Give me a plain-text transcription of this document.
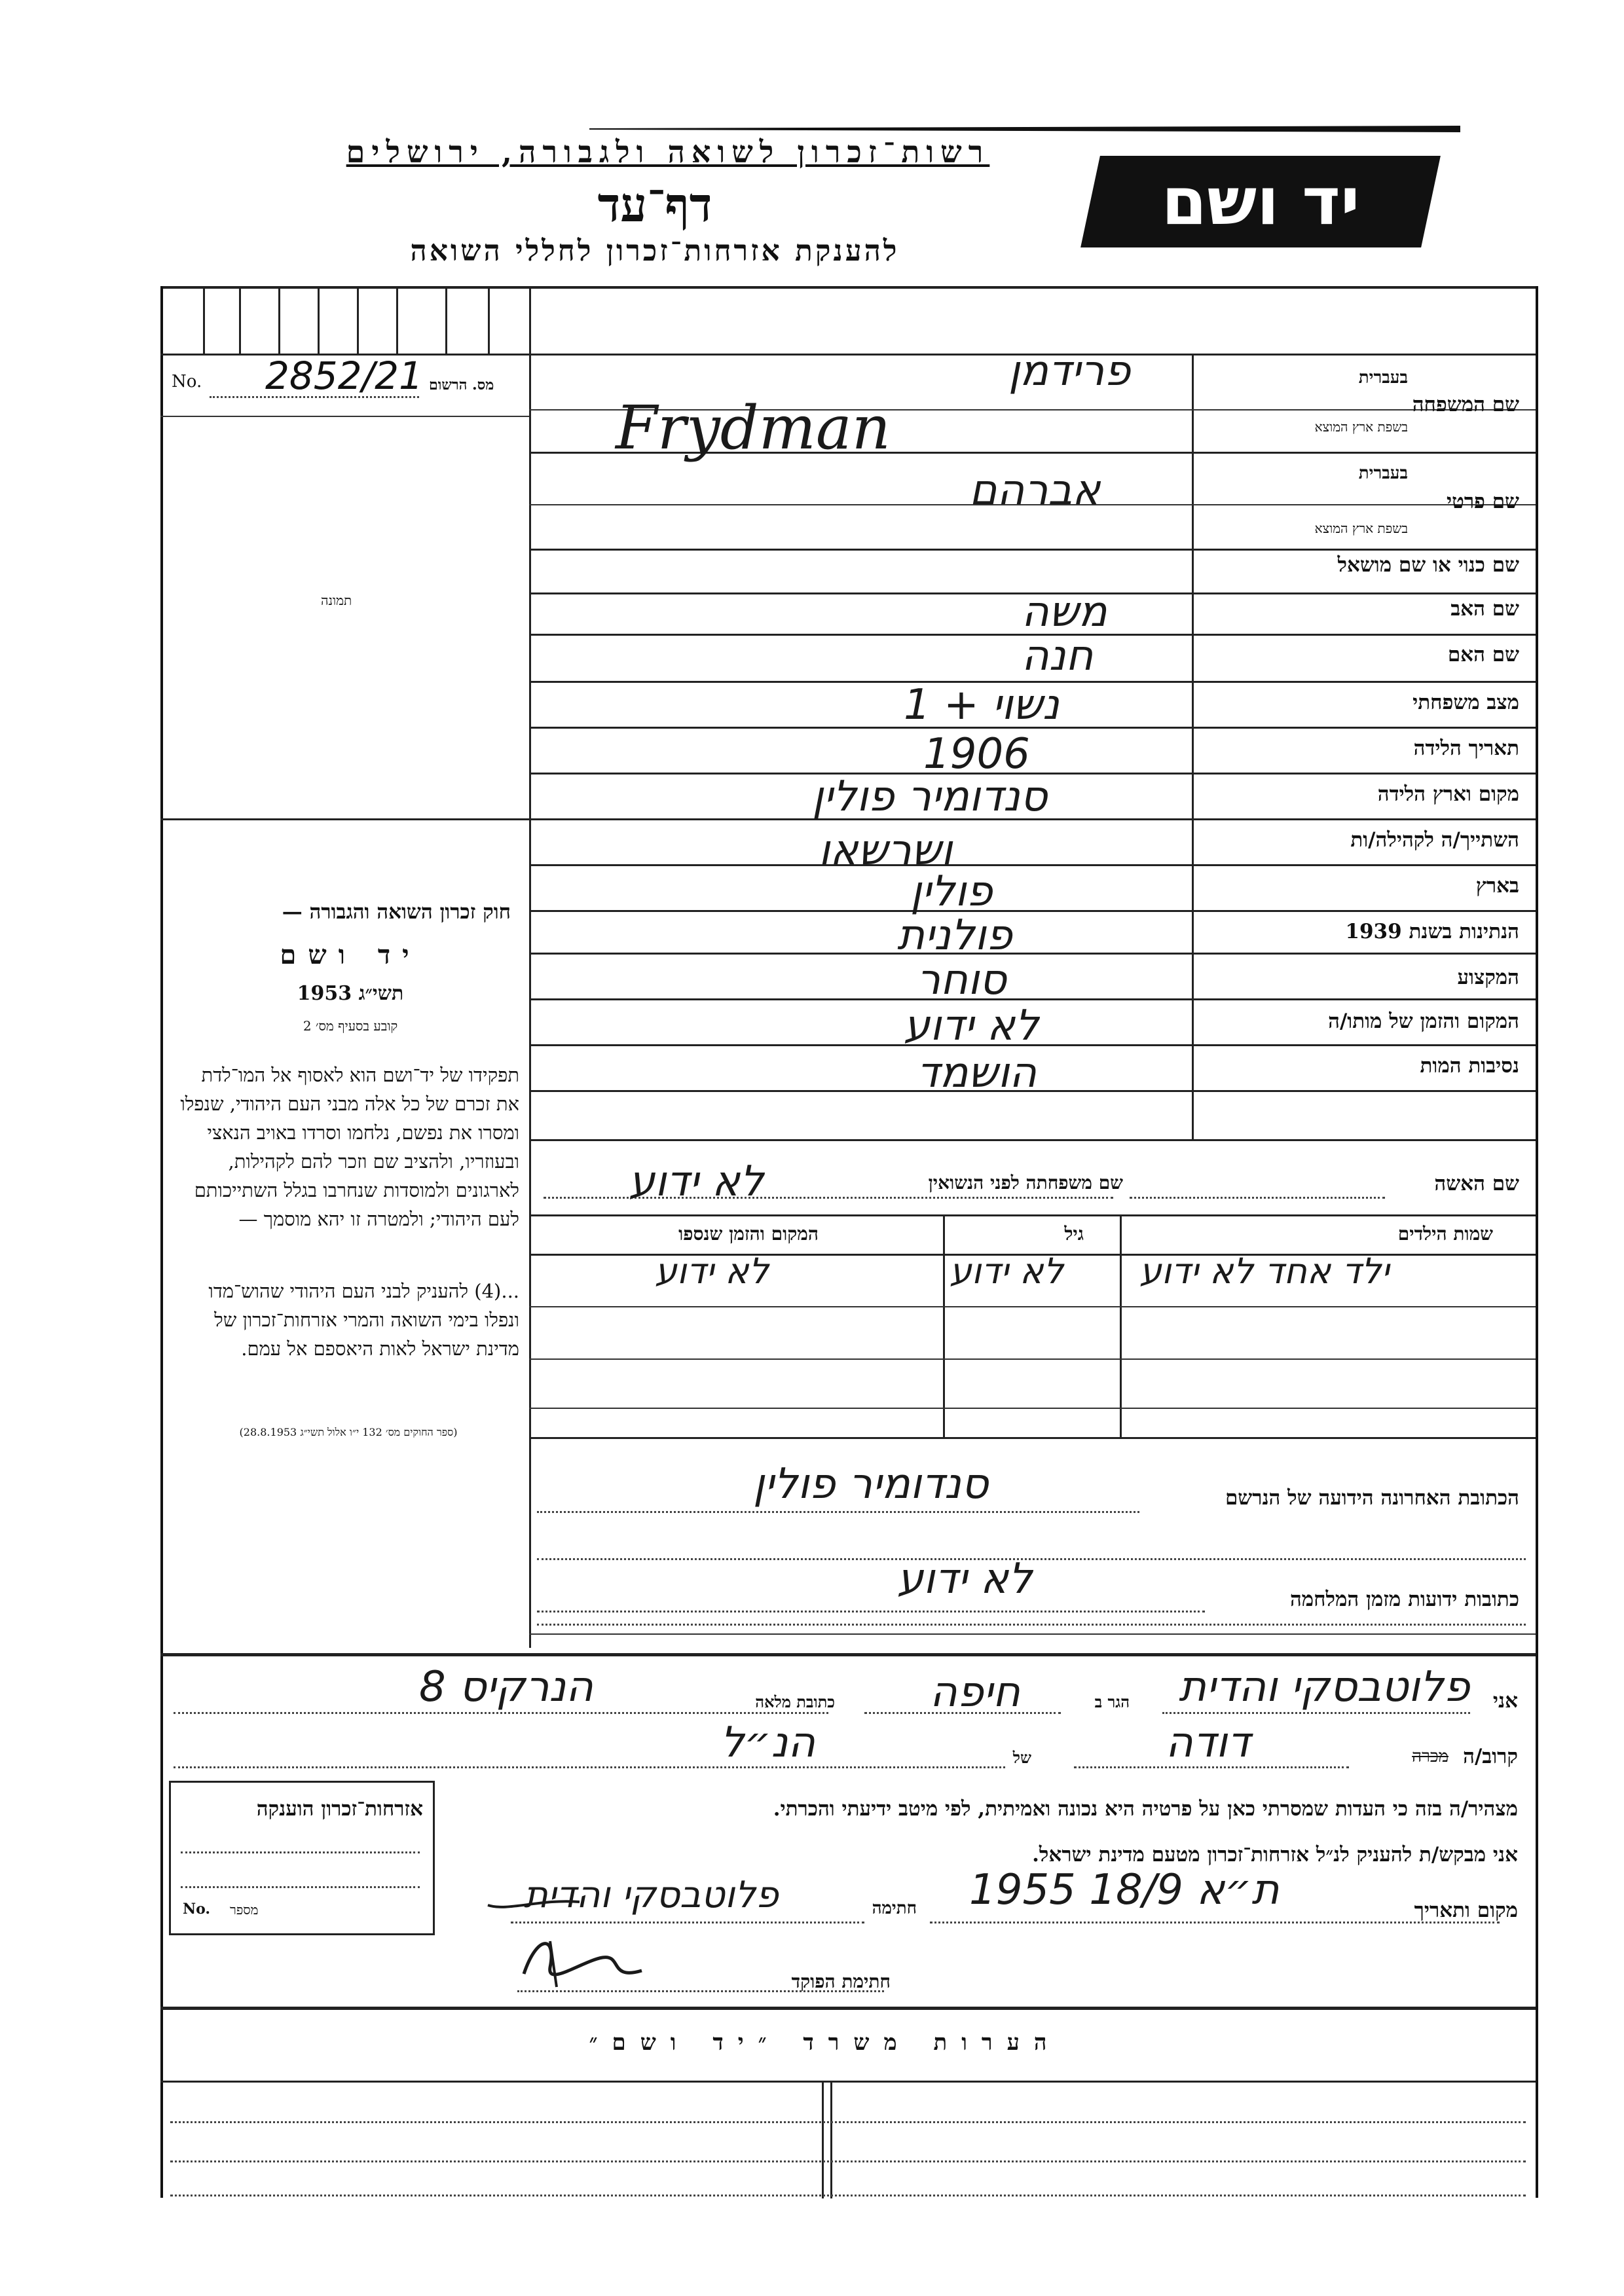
יד ושם
רשות־זכרון לשואה ולגבורה, ירושלים
דף־עד
להענקת אזרחות־זכרון לחללי השואה
No. 2852/21 מס. הרשום
תמונה
חוק זכרון השואה והגבורה —
יד ושם
תשי״ג 1953
קובע בסעיף מס׳ 2
תפקידו של יד־ושם הוא לאסוף אל המו־לדת את זכרם של כל אלה מבני העם היהודי, שנפלו ומסרו את נפשם, נלחמו וסרדו באויב הנאצי ובעוזריו, ולהציב שם וזכר להם לקהילות, לארגונים ולמוסדות שנחרבו בגלל השתייכותם לעם היהודי; ולמטרה זו יהא מוסמך —
...(4) להעניק לבני העם היהודי שהוש־מדו ונפלו בימי השואה והמרי אזרחות־זכרון של מדינת ישראל לאות היאספם אל עמם.
(ספר החוקים מס׳ 132 י״ו אלול תשי״ג 28.8.1953)
שם המשפחה
בעברית
בשפת ארץ המוצא
פרידמן
Frydman
שם פרטי
בעברית
בשפת ארץ המוצא
אברהם
שם כנוי או שם מושאל
שם האב
משה
שם האם
חנה
מצב משפחתי
נשוי + 1
תאריך הלידה
1906
מקום וארץ הלידה
סנדומיר פולין
השתייך/ה לקהילה/ות
ושרשאו
בארץ
פולין
הנתינות בשנת 1939
פולנית
המקצוע
סוחר
המקום והזמן של מותו/ה
לא ידוע
נסיבות המות
הושמד
שם האשה
שם משפחתה לפני הנשואין
לא ידוע
שמות הילדים
גיל
המקום והזמן שנספו
ילד אחד לא ידוע
לא ידוע
לא ידוע
הכתובת האחרונה הידועה של הנרשם
סנדומיר פולין
כתובות ידועות מזמן המלחמה
לא ידוע
אני
פלוטבסקי והדית
הגר ב
חיפה
כתובת מלאה
הנרקיס 8
קרוב/ה
מכרה
דודה
של
הנ״ל
מצהיר/ה בזה כי העדות שמסרתי כאן על פרטיה היא נכונה ואמיתית, לפי מיטב ידיעתי והכרתי.
אני מבקש/ת להעניק לנ״ל אזרחות־זכרון מטעם מדינת ישראל.
מקום ותאריך
ת״א 18/9 1955
חתימה
פלוטבסקי והדית
חתימת הפוקד
אזרחות־זכרון הוענקה
No. מספר
הערות משרד ״יד ושם״
